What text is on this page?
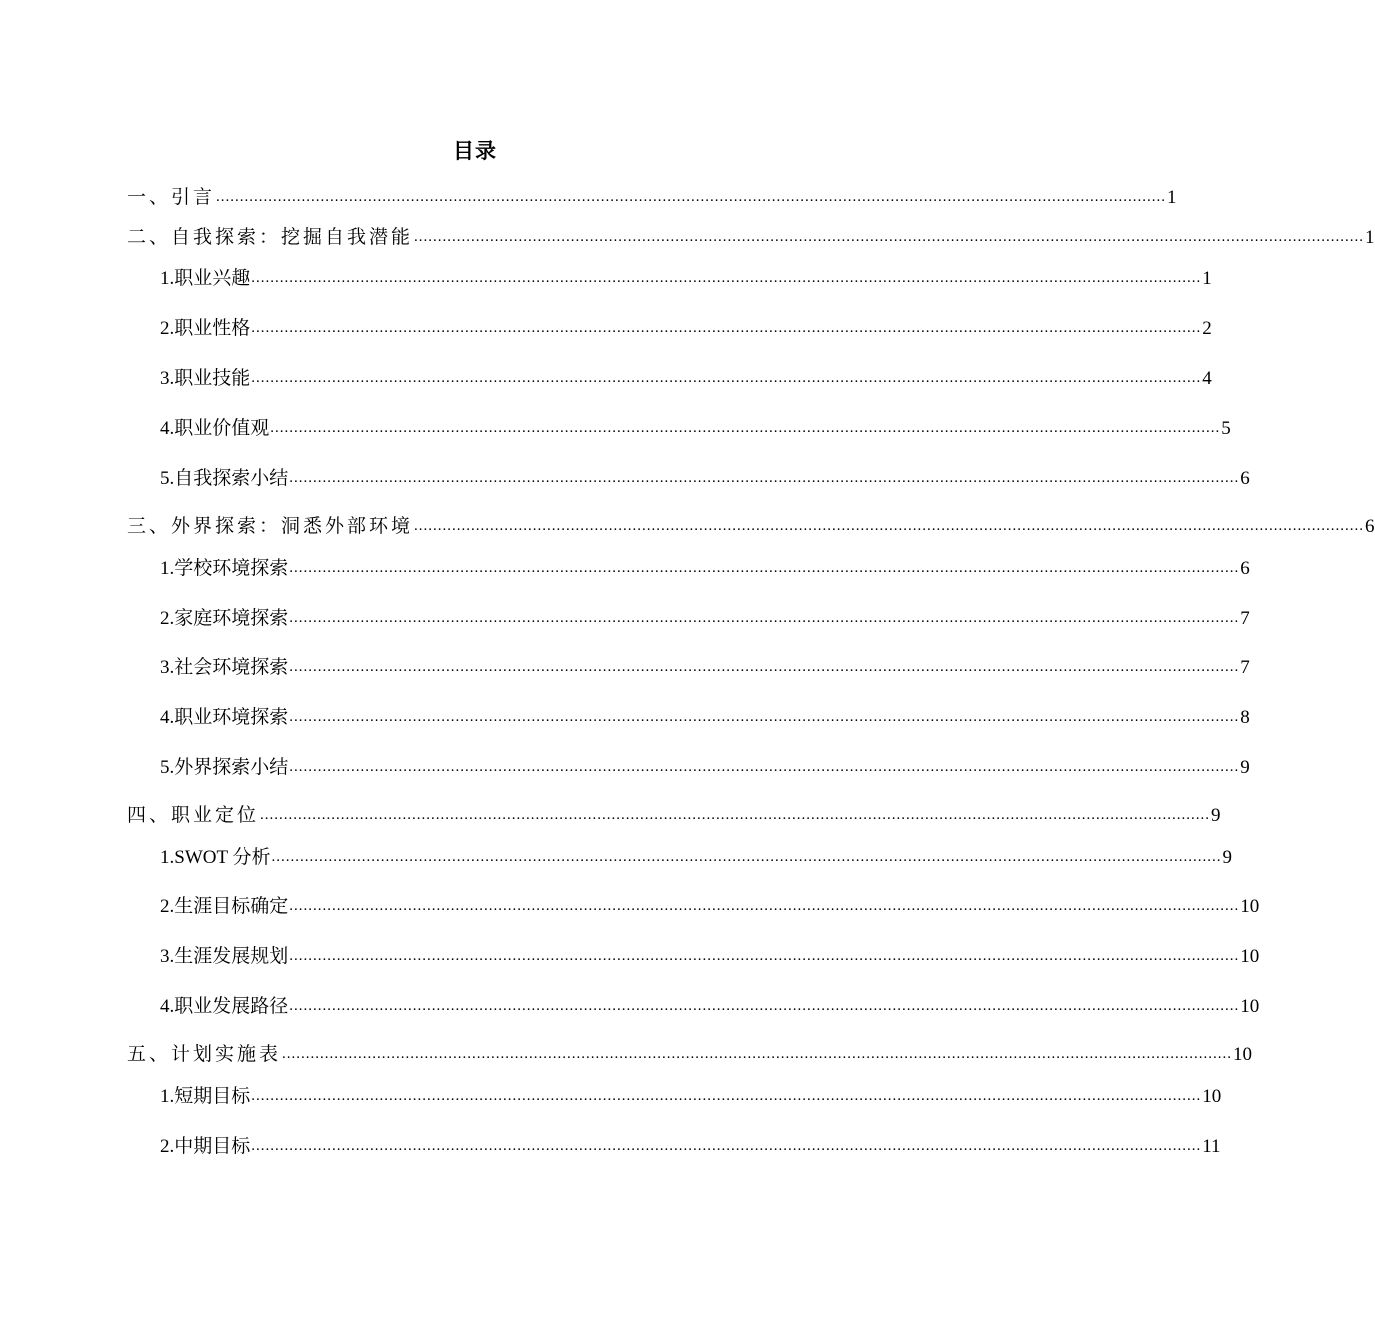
目录
一、引言 ........................................................................................................................................................................................................ 1
二、自我探索：挖掘自我潜能 ........................................................................................................................................................................................................ 1
1.职业兴趣 ........................................................................................................................................................................................................ 1
2.职业性格 ........................................................................................................................................................................................................ 2
3.职业技能 ........................................................................................................................................................................................................ 4
4.职业价值观 ........................................................................................................................................................................................................ 5
5.自我探索小结 ........................................................................................................................................................................................................ 6
三、外界探索：洞悉外部环境 ........................................................................................................................................................................................................ 6
1.学校环境探索 ........................................................................................................................................................................................................ 6
2.家庭环境探索 ........................................................................................................................................................................................................ 7
3.社会环境探索 ........................................................................................................................................................................................................ 7
4.职业环境探索 ........................................................................................................................................................................................................ 8
5.外界探索小结 ........................................................................................................................................................................................................ 9
四、职业定位 ........................................................................................................................................................................................................ 9
1.SWOT 分析 ........................................................................................................................................................................................................ 9
2.生涯目标确定 ........................................................................................................................................................................................................ 10
3.生涯发展规划 ........................................................................................................................................................................................................ 10
4.职业发展路径 ........................................................................................................................................................................................................ 10
五、计划实施表 ........................................................................................................................................................................................................ 10
1.短期目标 ........................................................................................................................................................................................................ 10
2.中期目标 ........................................................................................................................................................................................................ 11
